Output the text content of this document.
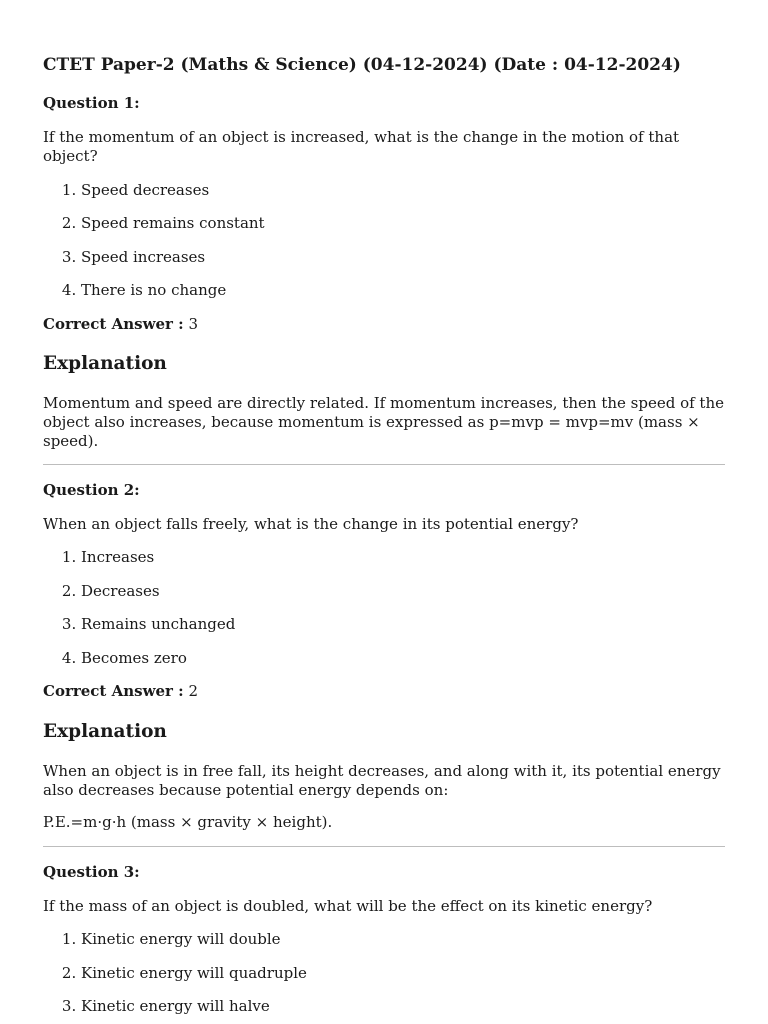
CTET Paper-2 (Maths & Science) (04-12-2024) (Date : 04-12-2024)
Question 1:
If the momentum of an object is increased, what is the change in the motion of that object?
1. Speed decreases
2. Speed remains constant
3. Speed increases
4. There is no change
Correct Answer : 3
Explanation

Momentum and speed are directly related. If momentum increases, then the speed of the object also increases, because momentum is expressed as p=mvp = mvp=mv (mass × speed).

Question 2:
When an object falls freely, what is the change in its potential energy?
1. Increases
2. Decreases
3. Remains unchanged
4. Becomes zero
Correct Answer : 2
Explanation

When an object is in free fall, its height decreases, and along with it, its potential energy also decreases because potential energy depends on:

P.E.=m·g·h (mass × gravity × height).

Question 3:
If the mass of an object is doubled, what will be the effect on its kinetic energy?
1. Kinetic energy will double
2. Kinetic energy will quadruple
3. Kinetic energy will halve
